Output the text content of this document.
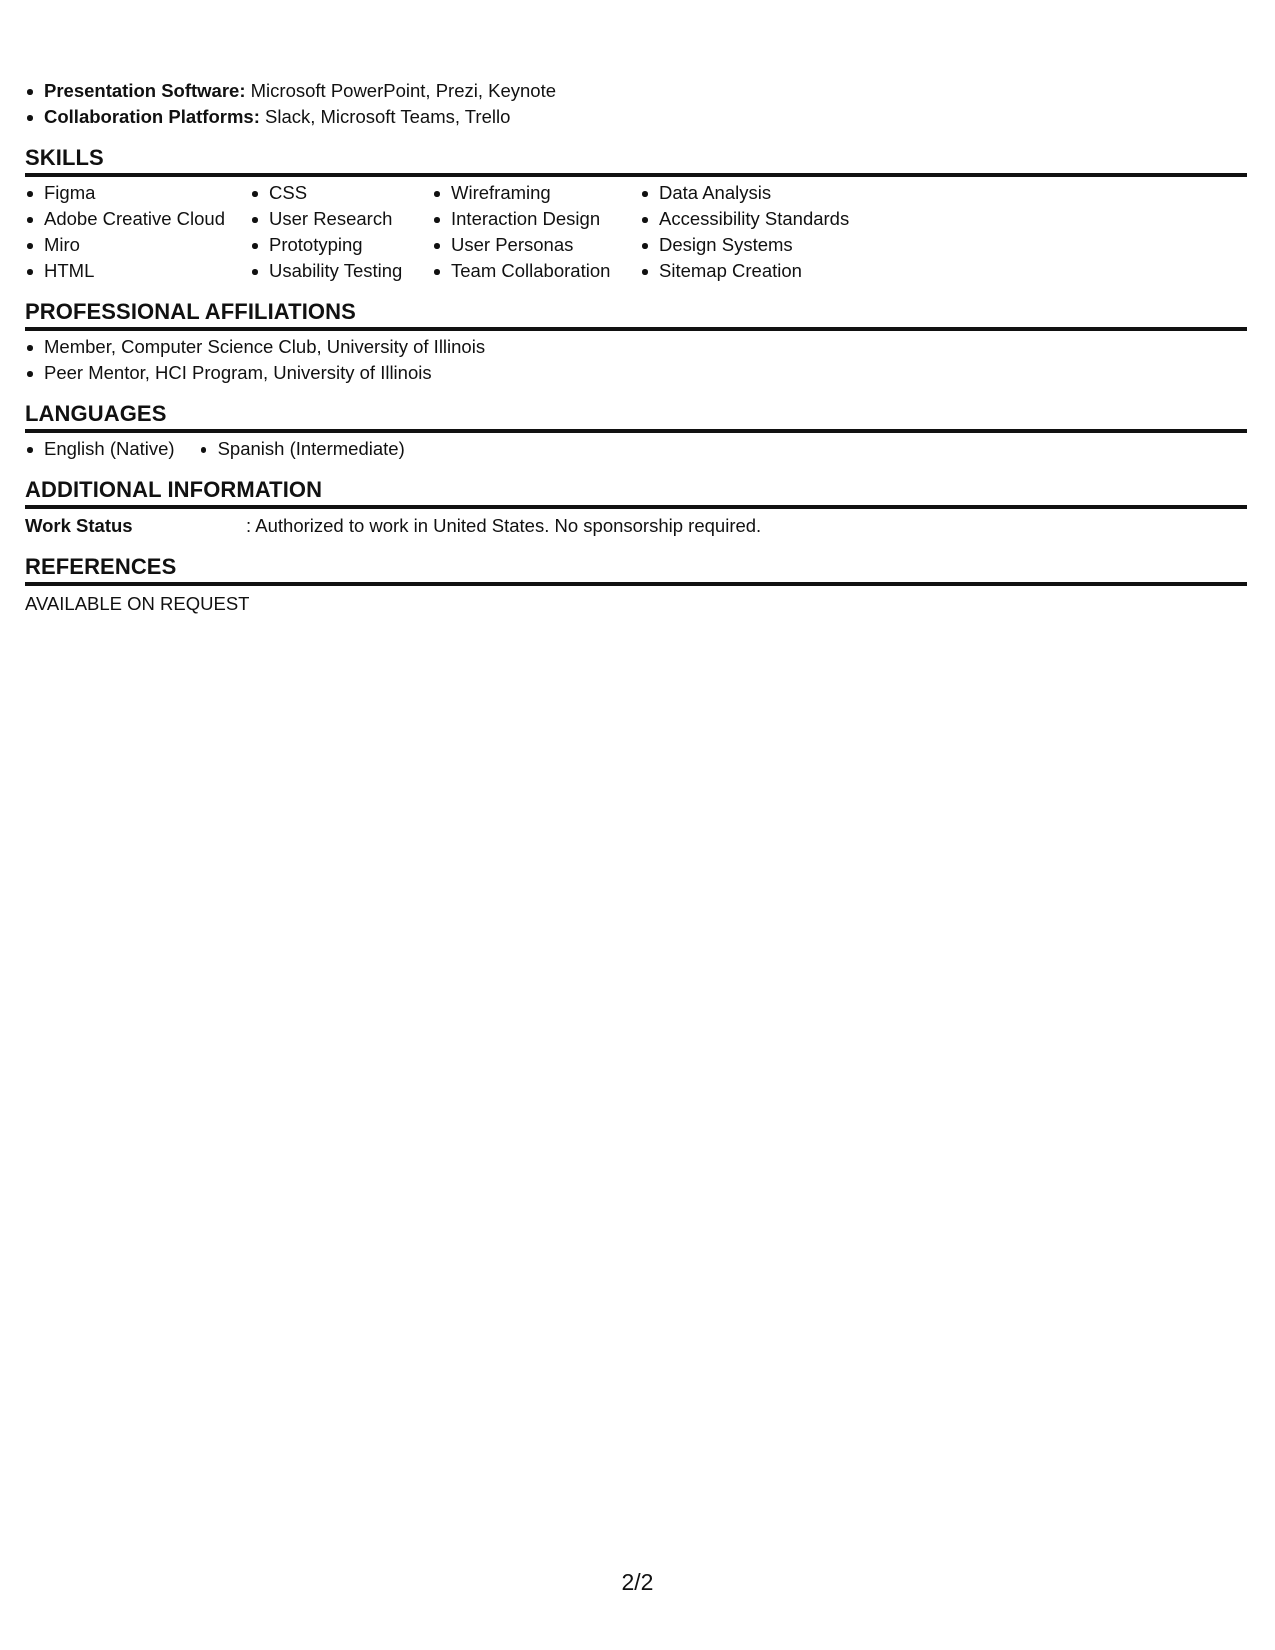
Presentation Software: Microsoft PowerPoint, Prezi, Keynote
Collaboration Platforms: Slack, Microsoft Teams, Trello
SKILLS
Figma
Adobe Creative Cloud
Miro
HTML
CSS
User Research
Prototyping
Usability Testing
Wireframing
Interaction Design
User Personas
Team Collaboration
Data Analysis
Accessibility Standards
Design Systems
Sitemap Creation
PROFESSIONAL AFFILIATIONS
Member, Computer Science Club, University of Illinois
Peer Mentor, HCI Program, University of Illinois
LANGUAGES
English (Native)	Spanish (Intermediate)
ADDITIONAL INFORMATION
Work Status	: Authorized to work in United States. No sponsorship required.
REFERENCES
AVAILABLE ON REQUEST
2/2
